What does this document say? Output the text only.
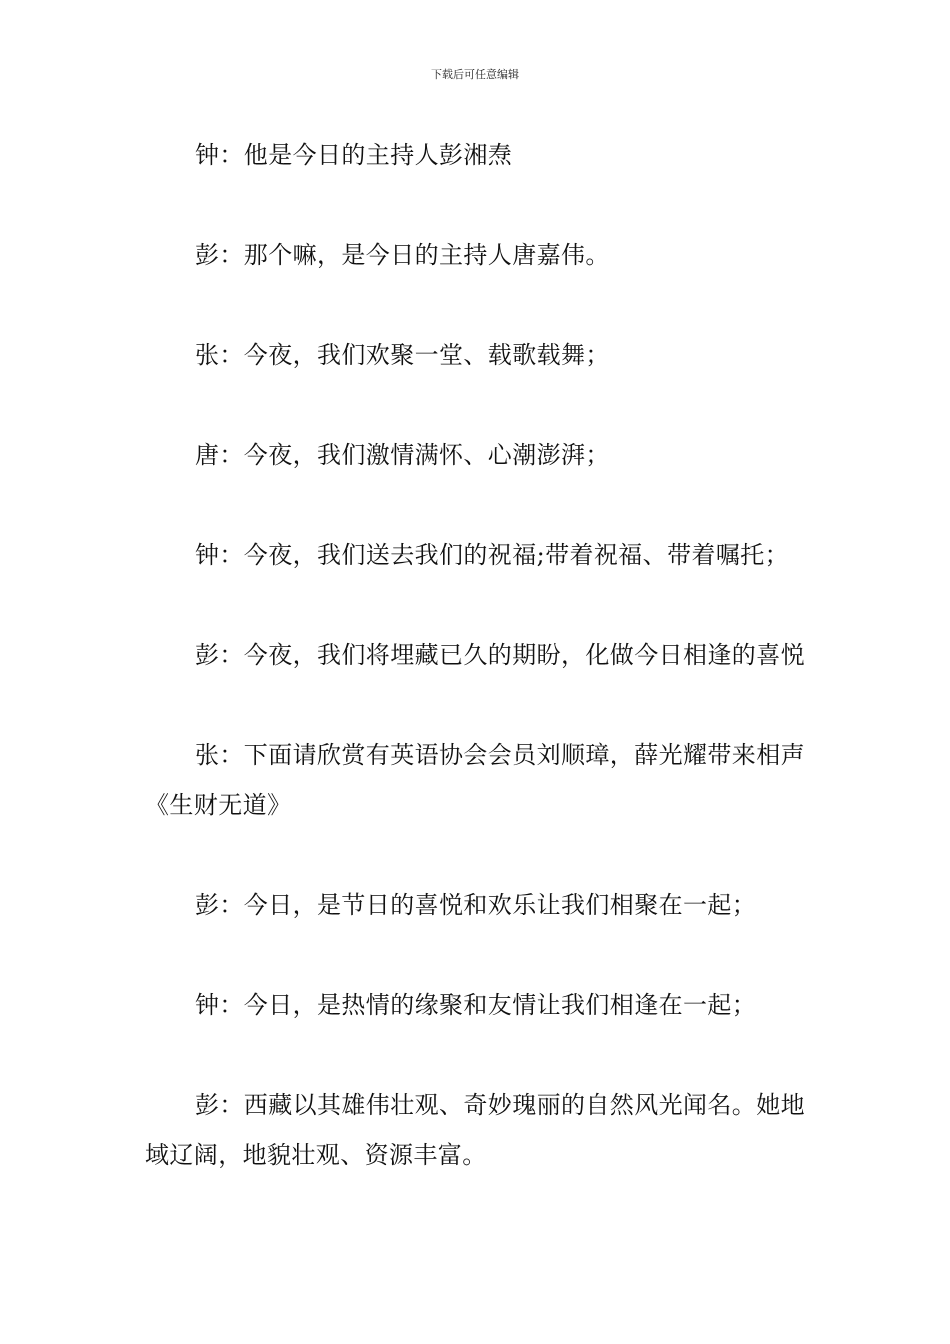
下载后可任意编辑

钟：他是今日的主持人彭湘焘

彭：那个嘛，是今日的主持人唐嘉伟。

张：今夜，我们欢聚一堂、载歌载舞；

唐：今夜，我们激情满怀、心潮澎湃；

钟：今夜，我们送去我们的祝福;带着祝福、带着嘱托；

彭：今夜，我们将埋藏已久的期盼，化做今日相逢的喜悦

张：下面请欣赏有英语协会会员刘顺璋，薛光耀带来相声《生财无道》

彭：今日，是节日的喜悦和欢乐让我们相聚在一起；

钟：今日，是热情的缘聚和友情让我们相逢在一起；

彭：西藏以其雄伟壮观、奇妙瑰丽的自然风光闻名。她地域辽阔，地貌壮观、资源丰富。
